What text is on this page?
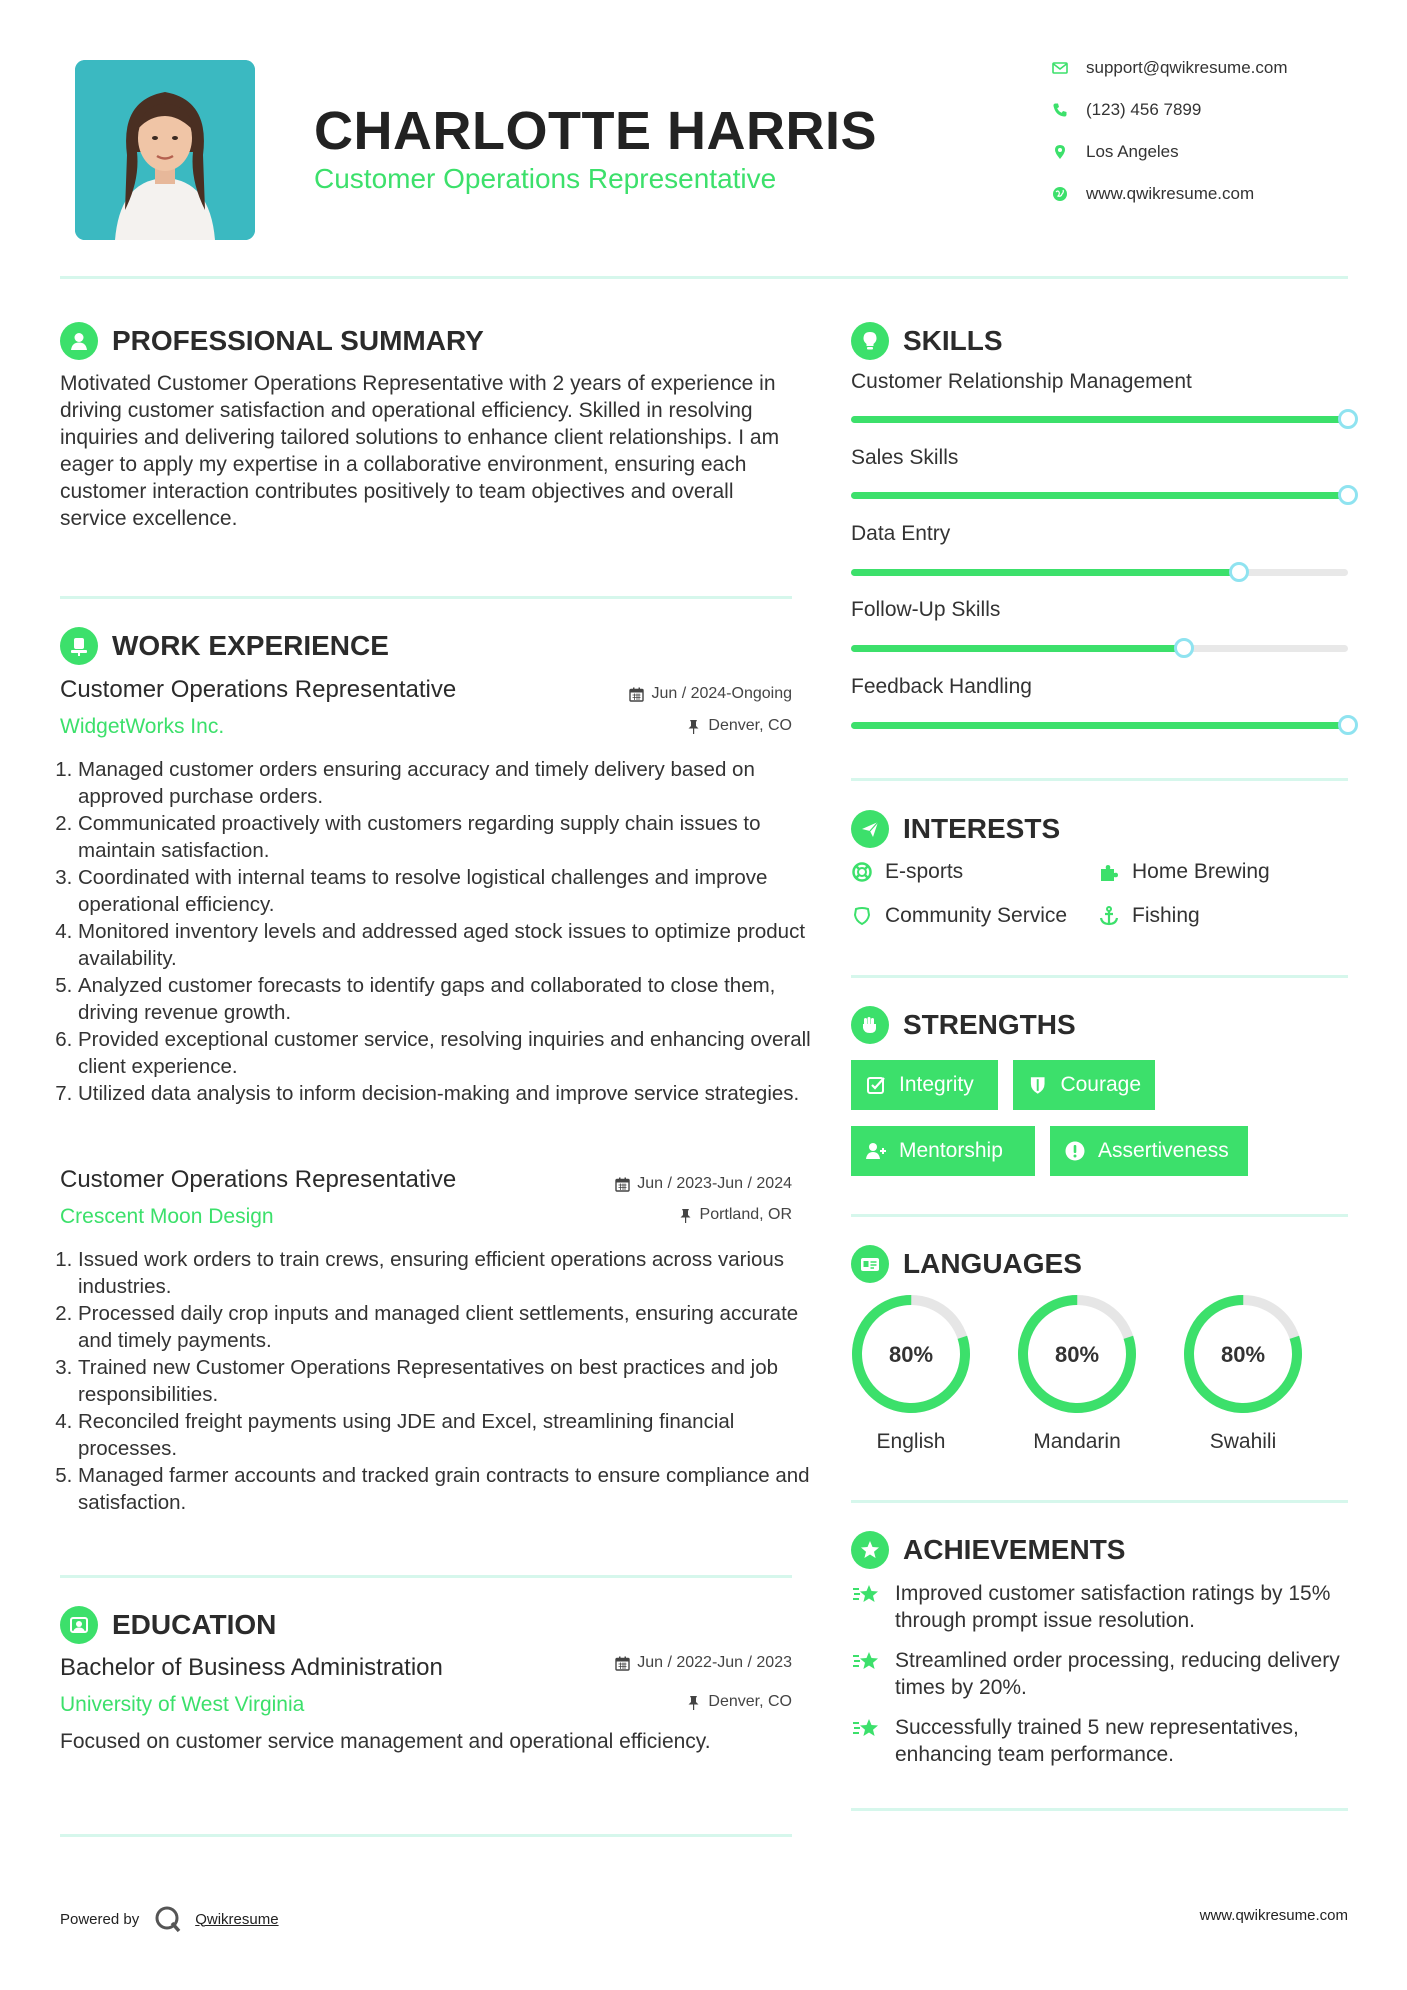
CHARLOTTE HARRIS
Customer Operations Representative
support@qwikresume.com
(123) 456 7899
Los Angeles
www.qwikresume.com
PROFESSIONAL SUMMARY
Motivated Customer Operations Representative with 2 years of experience in driving customer satisfaction and operational efficiency. Skilled in resolving inquiries and delivering tailored solutions to enhance client relationships. I am eager to apply my expertise in a collaborative environment, ensuring each customer interaction contributes positively to team objectives and overall service excellence.
WORK EXPERIENCE
Customer Operations Representative	Jun / 2024-Ongoing
WidgetWorks Inc.	Denver, CO
1. Managed customer orders ensuring accuracy and timely delivery based on approved purchase orders.
2. Communicated proactively with customers regarding supply chain issues to maintain satisfaction.
3. Coordinated with internal teams to resolve logistical challenges and improve operational efficiency.
4. Monitored inventory levels and addressed aged stock issues to optimize product availability.
5. Analyzed customer forecasts to identify gaps and collaborated to close them, driving revenue growth.
6. Provided exceptional customer service, resolving inquiries and enhancing overall client experience.
7. Utilized data analysis to inform decision-making and improve service strategies.
Customer Operations Representative	Jun / 2023-Jun / 2024
Crescent Moon Design	Portland, OR
1. Issued work orders to train crews, ensuring efficient operations across various industries.
2. Processed daily crop inputs and managed client settlements, ensuring accurate and timely payments.
3. Trained new Customer Operations Representatives on best practices and job responsibilities.
4. Reconciled freight payments using JDE and Excel, streamlining financial processes.
5. Managed farmer accounts and tracked grain contracts to ensure compliance and satisfaction.
EDUCATION
Bachelor of Business Administration	Jun / 2022-Jun / 2023
University of West Virginia	Denver, CO
Focused on customer service management and operational efficiency.
SKILLS
Customer Relationship Management
Sales Skills
Data Entry
Follow-Up Skills
Feedback Handling
INTERESTS
E-sports	Home Brewing
Community Service	Fishing
STRENGTHS
Integrity	Courage
Mentorship	Assertiveness
LANGUAGES
80%
English
80%
Mandarin
80%
Swahili
ACHIEVEMENTS
Improved customer satisfaction ratings by 15% through prompt issue resolution.
Streamlined order processing, reducing delivery times by 20%.
Successfully trained 5 new representatives, enhancing team performance.
Powered by	Qwikresume	www.qwikresume.com
